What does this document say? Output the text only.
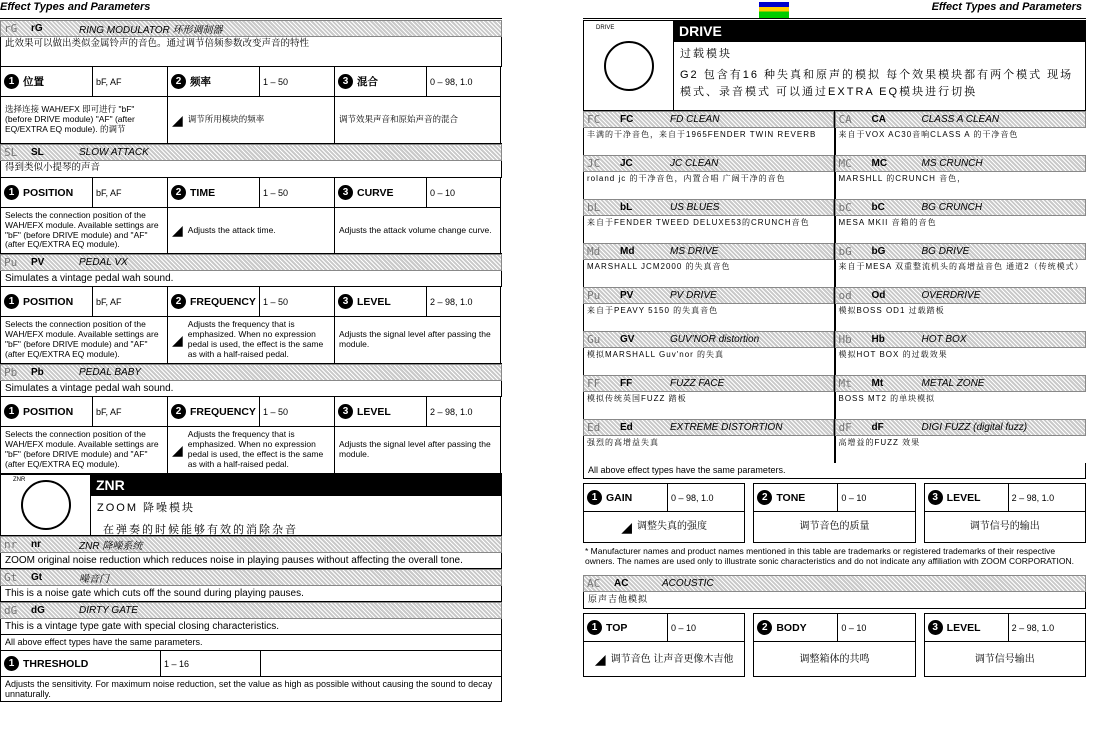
Effect Types and Parameters	Effect Types and Parameters
rG	rG	RING MODULATOR 环形调制器
此效果可以做出类似金属铃声的音色。通过调节倍频参数改变声音的特性
1 位置	bF, AF
选择连接 WAH/EFX 即可进行 "bF" (before DRIVE module) "AF" (after EQ/EXTRA EQ module). 的调节
2 频率	1 – 50
◢ 调节所用模块的频率
3 混合	0 – 98, 1.0
调节效果声音和原始声音的混合
SL	SL	SLOW ATTACK
得到类似小提琴的声音
1 POSITION	bF, AF
Selects the connection position of the WAH/EFX module. Available settings are "bF" (before DRIVE module) and "AF" (after EQ/EXTRA EQ module).
2 TIME	1 – 50
◢ Adjusts the attack time.
3 CURVE	0 – 10
Adjusts the attack volume change curve.
Pu	PV	PEDAL VX
Simulates a vintage pedal wah sound.
1 POSITION	bF, AF
Selects the connection position of the WAH/EFX module. Available settings are "bF" (before DRIVE module) and "AF" (after EQ/EXTRA EQ module).
2 FREQUENCY 1 – 50
◢
Adjusts the frequency that is emphasized. When no expression pedal is used, the effect is the same as with a half-raised pedal.
3 LEVEL	2 – 98, 1.0
Adjusts the signal level after passing the module.
Pb	Pb	PEDAL BABY
Simulates a vintage pedal wah sound.
1 POSITION	bF, AF
Selects the connection position of the WAH/EFX module. Available settings are "bF" (before DRIVE module) and "AF" (after EQ/EXTRA EQ module).
2 FREQUENCY 1 – 50
◢
Adjusts the frequency that is emphasized. When no expression pedal is used, the effect is the same as with a half-raised pedal.
3 LEVEL	2 – 98, 1.0
Adjusts the signal level after passing the module.
ZNR	ZNR
ZOOM 降噪模块
在弹奏的时候能够有效的消除杂音
nr	nr	ZNR 降噪系统
ZOOM original noise reduction which reduces noise in playing pauses without affecting the overall tone.
Gt	Gt	噪音门
This is a noise gate which cuts off the sound during playing pauses.
dG	dG	DIRTY GATE
This is a vintage type gate with special closing characteristics.
All above effect types have the same parameters.
1 THRESHOLD	1 – 16
Adjusts the sensitivity. For maximum noise reduction, set the value as high as possible without causing the sound to decay unnaturally.
DRIVE	DRIVE
过载模块
G2 包含有16 种失真和原声的模拟 每个效果模块都有两个模式 现场模式、录音模式 可以通过EXTRA EQ模块进行切换
FC	FC	FD CLEAN
丰满的干净音色，来自于1965FENDER TWIN REVERB
CA	CA	CLASS A CLEAN
来自于VOX AC30音响CLASS A 的干净音色
JC	JC	JC CLEAN
roland jc 的干净音色，内置合唱 广阔干净的音色
MC	MC	MS CRUNCH
MARSHLL 的CRUNCH 音色，
bL	bL	US BLUES
来自于FENDER TWEED DELUXE53的CRUNCH音色
bC	bC	BG CRUNCH
MESA MKII 音箱的音色
Md	Md	MS DRIVE
MARSHALL JCM2000 的失真音色
bG	bG	BG DRIVE
来自于MESA 双重整流机头的高增益音色 通道2（传统模式）
Pu	PV	PV DRIVE
来自于PEAVY 5150 的失真音色
od	Od	OVERDRIVE
模拟BOSS OD1 过载踏板
Gu	GV	GUV'NOR distortion
模拟MARSHALL Guv'nor 的失真
Hb	Hb	HOT BOX
模拟HOT BOX 的过载效果
FF	FF	FUZZ FACE
模拟传统英国FUZZ 踏板
Mt	Mt	METAL ZONE
BOSS MT2 的单块模拟
Ed	Ed	EXTREME DISTORTION
强烈的高增益失真
dF	dF	DIGI FUZZ (digital fuzz)
高增益的FUZZ 效果
All above effect types have the same parameters.
1 GAIN	0 – 98, 1.0
◢ 调整失真的强度
2 TONE	0 – 10
调节音色的质量
3 LEVEL	2 – 98, 1.0
调节信号的输出
* Manufacturer names and product names mentioned in this table are trademarks or registered trademarks of their respective owners. The names are used only to illustrate sonic characteristics and do not indicate any affiliation with ZOOM CORPORATION.
AC	AC	ACOUSTIC
原声吉他模拟
1 TOP	0 – 10
◢ 调节音色 让声音更像木吉他
2 BODY	0 – 10
调整箱体的共鸣
3 LEVEL	2 – 98, 1.0
调节信号输出
